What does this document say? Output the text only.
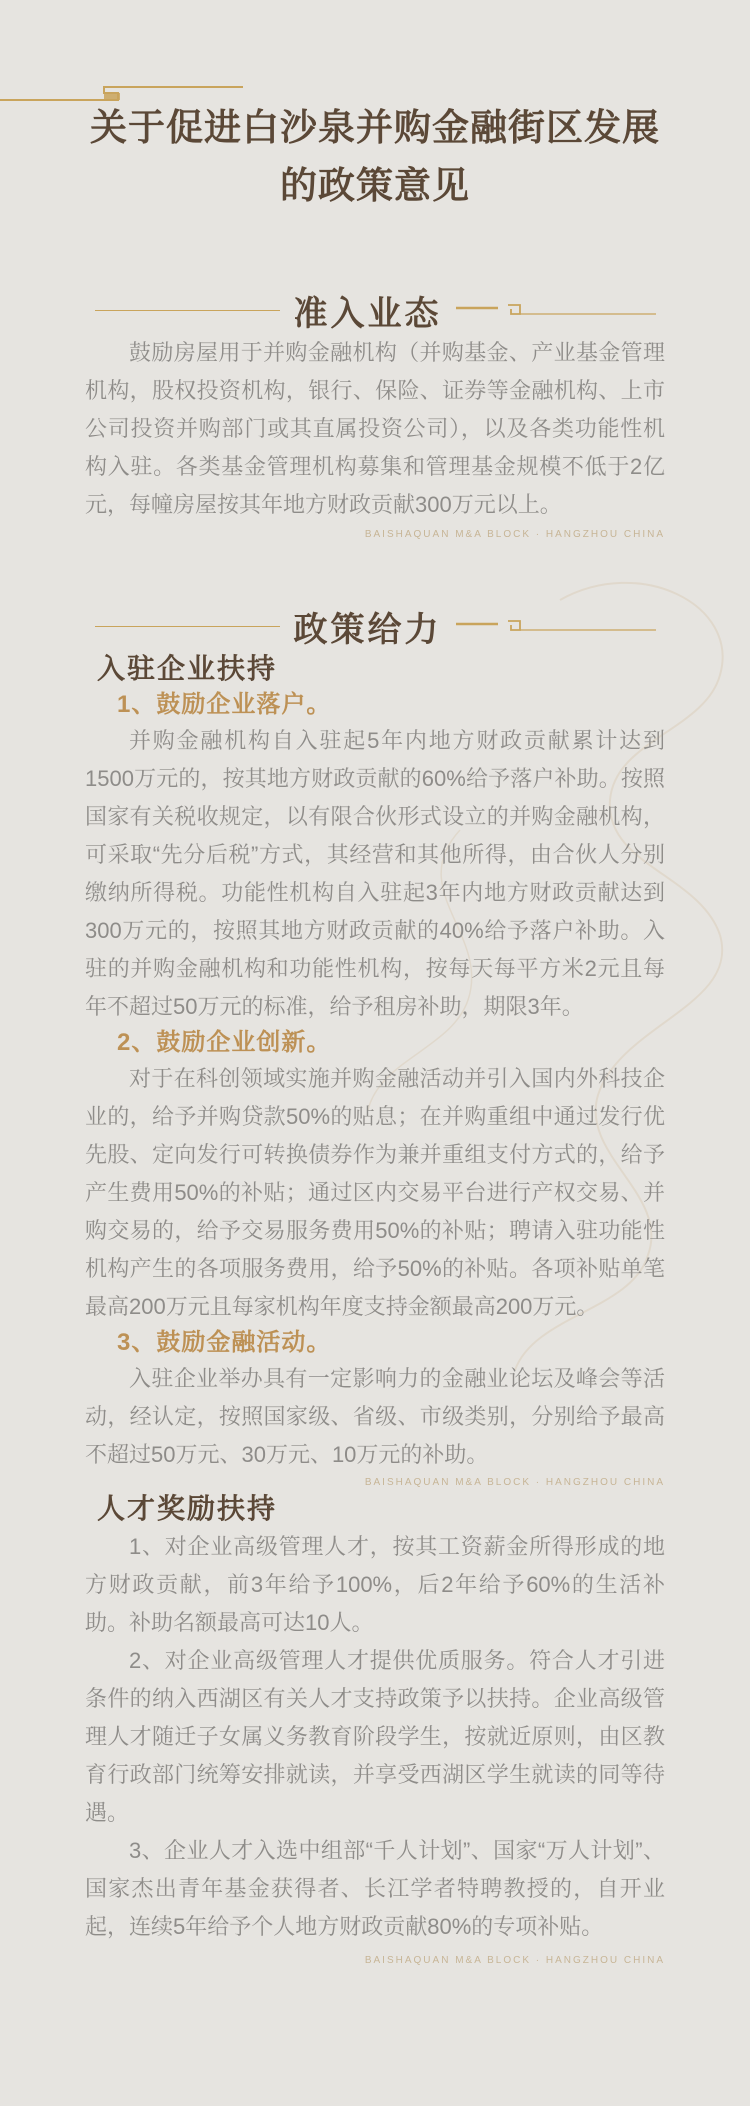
关于促进白沙泉并购金融街区发展的政策意见
准入业态

鼓励房屋用于并购金融机构（并购基金、产业基金管理机构，股权投资机构，银行、保险、证券等金融机构、上市公司投资并购部门或其直属投资公司），以及各类功能性机构入驻。各类基金管理机构募集和管理基金规模不低于2亿元，每幢房屋按其年地方财政贡献300万元以上。

BAISHAQUAN M&A BLOCK · HANGZHOU CHINA
政策给力
入驻企业扶持
1、鼓励企业落户。

并购金融机构自入驻起5年内地方财政贡献累计达到1500万元的，按其地方财政贡献的60%给予落户补助。按照国家有关税收规定，以有限合伙形式设立的并购金融机构，可采取“先分后税”方式，其经营和其他所得，由合伙人分别缴纳所得税。功能性机构自入驻起3年内地方财政贡献达到300万元的，按照其地方财政贡献的40%给予落户补助。入驻的并购金融机构和功能性机构，按每天每平方米2元且每年不超过50万元的标准，给予租房补助，期限3年。

2、鼓励企业创新。

对于在科创领域实施并购金融活动并引入国内外科技企业的，给予并购贷款50%的贴息；在并购重组中通过发行优先股、定向发行可转换债券作为兼并重组支付方式的，给予产生费用50%的补贴；通过区内交易平台进行产权交易、并购交易的，给予交易服务费用50%的补贴；聘请入驻功能性机构产生的各项服务费用，给予50%的补贴。各项补贴单笔最高200万元且每家机构年度支持金额最高200万元。

3、鼓励金融活动。

入驻企业举办具有一定影响力的金融业论坛及峰会等活动，经认定，按照国家级、省级、市级类别，分别给予最高不超过50万元、30万元、10万元的补助。

BAISHAQUAN M&A BLOCK · HANGZHOU CHINA
人才奖励扶持

1、对企业高级管理人才，按其工资薪金所得形成的地方财政贡献，前3年给予100%，后2年给予60%的生活补助。补助名额最高可达10人。

2、对企业高级管理人才提供优质服务。符合人才引进条件的纳入西湖区有关人才支持政策予以扶持。企业高级管理人才随迁子女属义务教育阶段学生，按就近原则，由区教育行政部门统筹安排就读，并享受西湖区学生就读的同等待遇。

3、企业人才入选中组部“千人计划”、国家“万人计划”、国家杰出青年基金获得者、长江学者特聘教授的，自开业起，连续5年给予个人地方财政贡献80%的专项补贴。

BAISHAQUAN M&A BLOCK · HANGZHOU CHINA
